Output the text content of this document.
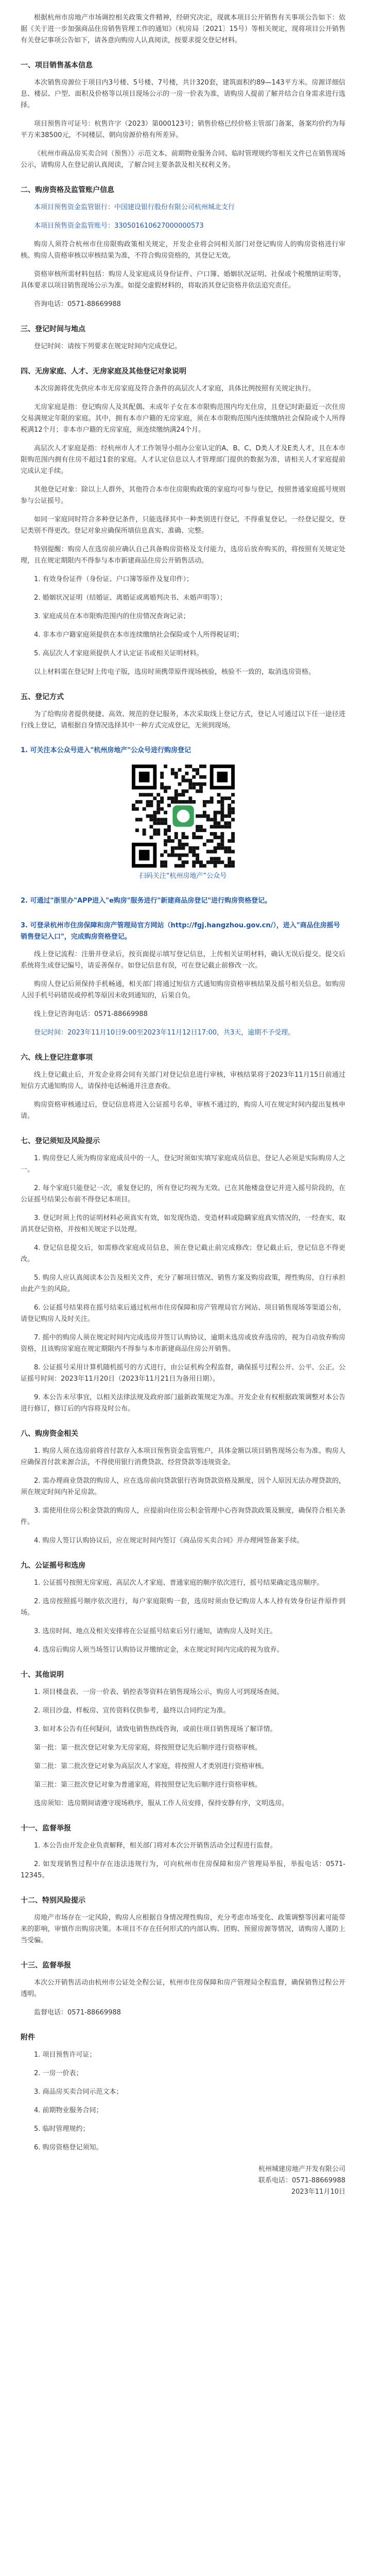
根据杭州市房地产市场调控相关政策文件精神，经研究决定，现就本项目公开销售有关事项公告如下：依据《关于进一步加强商品住房销售管理工作的通知》（杭房局〔2021〕15号）等相关规定，现将项目公开销售有关登记事项公告如下，请各意向购房人认真阅读，按要求提交登记材料。

一、项目销售基本信息

本次销售房源位于项目内3号楼、5号楼、7号楼，共计320套，建筑面积约89—143平方米。房源详细信息、楼层、户型、面积及价格等以项目现场公示的一房一价表为准，请购房人提前了解并结合自身需求进行选择。

项目预售许可证号：杭售许字（2023）第000123号；销售价格已经价格主管部门备案，备案均价约为每平方米38500元，不同楼层、朝向房源价格有所差异。

《杭州市商品房买卖合同（预售）》示范文本、前期物业服务合同、临时管理规约等相关文件已在销售现场公示，请购房人在登记前认真阅读，了解合同主要条款及相关权利义务。

二、购房资格及监管账户信息

本项目预售资金监管银行：中国建设银行股份有限公司杭州城北支行

本项目预售资金监管账号：330501610627000000573

购房人须符合杭州市住房限购政策相关规定，开发企业将会同相关部门对登记购房人的购房资格进行审核。购房人资格审核以审核结果为准，不符合购房资格的，其登记无效。

资格审核所需材料包括：购房人及家庭成员身份证件、户口簿、婚姻状况证明、社保或个税缴纳证明等，具体要求以项目销售现场公示为准。如提交虚假材料的，将取消其登记资格并依法追究责任。

咨询电话：0571-88669988

三、登记时间与地点

登记时间：请按下列要求在规定时间内完成登记。

四、无房家庭、人才、无房家庭及其他登记对象说明

本次房源将优先供应本市无房家庭及符合条件的高层次人才家庭，具体比例按照有关规定执行。

无房家庭是指：登记购房人及其配偶、未成年子女在本市限购范围内均无住房，且登记时距最近一次住房交易满规定年限的家庭。其中，拥有本市户籍的无房家庭，须在本市限购范围内连续缴纳社会保险或个人所得税满12个月；非本市户籍的无房家庭，须连续缴纳满24个月。

高层次人才家庭是指：经杭州市人才工作领导小组办公室认定的A、B、C、D类人才及E类人才，且在本市限购范围内拥有住房不超过1套的家庭。人才认定信息以人才管理部门提供的数据为准，请相关人才家庭提前完成认定手续。

其他登记对象：除以上人群外，其他符合本市住房限购政策的家庭均可参与登记，按照普通家庭摇号规则参与公证摇号。

如同一家庭同时符合多种登记条件，只能选择其中一种类别进行登记，不得重复登记。一经登记提交，登记类别不得更改。登记对象应确保所填信息真实、准确、完整。

特别提醒：购房人在选房前应确认自己具备购房资格及支付能力，选房后放弃购买的，将按照有关规定处理，且在规定期限内不得参与本市新建商品住房公开销售活动。

1. 有效身份证件（身份证、户口簿等原件及复印件）；

2. 婚姻状况证明（结婚证、离婚证或离婚判决书、未婚声明等）；

3. 家庭成员在本市限购范围内的住房情况查询记录；

4. 非本市户籍家庭须提供在本市连续缴纳社会保险或个人所得税证明；

5. 高层次人才家庭须提供人才认定证书或相关证明材料。

以上材料需在登记时上传电子版，选房时须携带原件现场核验，核验不一致的，取消选房资格。

五、登记方式

为了给购房者提供便捷、高效、规范的登记服务，本次采取线上登记方式，登记人可通过以下任一途径进行线上登记，请根据自身情况选择其中一种方式完成登记，无须到现场。

1. 可关注本公众号进入"杭州房地产"公众号进行购房登记
扫码关注“杭州房地产”公众号
2. 可通过"浙里办"APP进入"e购房"服务进行"新建商品房登记"进行购房资格登记。
3. 可登录杭州市住房保障和房产管理局官方网站（http://fgj.hangzhou.gov.cn/），进入"商品住房摇号销售登记入口"，完成购房资格登记。

线上登记流程：注册并登录后，按页面提示填写登记信息，上传相关证明材料，确认无误后提交。提交后系统将生成登记编号，请妥善保存。如登记信息有误，可在登记截止前修改一次。

购房人登记后须保持手机畅通，相关部门将通过短信方式通知购房资格审核结果及摇号相关信息。如购房人因手机号码错误或停机等原因未收到通知的，后果自负。

线上登记咨询电话：0571-88669988

登记时间：2023年11月10日9:00至2023年11月12日17:00，共3天，逾期不予受理。

六、线上登记注意事项

线上登记截止后，开发企业将会同有关部门对登记信息进行审核，审核结果将于2023年11月15日前通过短信方式通知购房人，请保持电话畅通并注意查收。

购房资格审核通过后，登记信息将进入公证摇号名单，审核不通过的，购房人可在规定时间内提出复核申请。

七、登记须知及风险提示

1. 购房登记人须为购房家庭成员中的一人，登记时须如实填写家庭成员信息，登记人必须是实际购房人之一。

2. 每个家庭只能登记一次，重复登记的，所有登记均视为无效。已在其他楼盘登记并进入摇号阶段的，在公证摇号结果公布前不得登记本项目。

3. 登记时须上传的证明材料必须真实有效，如发现伪造、变造材料或隐瞒家庭真实情况的，一经查实，取消其登记资格，并按相关规定予以处理。

4. 登记信息提交后，如需修改家庭成员信息，须在登记截止前完成修改；登记截止后，登记信息不得更改。

5. 购房人应认真阅读本公告及相关文件，充分了解项目情况、销售方案及购房政策，理性购房，自行承担由此产生的风险。

6. 公证摇号结果将在摇号结束后通过杭州市住房保障和房产管理局官方网站、项目销售现场等渠道公布，请登记购房人及时关注。

7. 摇中的购房人须在规定时间内完成选房并签订认购协议，逾期未选房或放弃选房的，视为自动放弃购房资格，且该购房家庭在规定期限内不得参与本市新建商品住房公开销售。

8. 公证摇号采用计算机随机摇号的方式进行，由公证机构全程监督，确保摇号过程公开、公平、公正。公证摇号时间：2023年11月20日（2023年11月21日为备用日期）。

9. 本公告未尽事宜，以相关法律法规及政府部门最新政策规定为准。开发企业有权根据政策调整对本公告进行修订，修订后的内容将及时公布。

八、购房资金相关

1. 购房人须在选房前将首付款存入本项目预售资金监管账户，具体金额以项目销售现场公布为准。购房人应确保首付款来源合法，不得使用银行消费贷款、经营贷款等违规资金。

2. 需办理商业贷款的购房人，应在选房前向贷款银行咨询贷款资格及额度，因个人原因无法办理贷款的，须在规定时间内补足房款。

3. 需使用住房公积金贷款的购房人，应提前向住房公积金管理中心咨询贷款政策及额度，确保符合相关条件。

4. 购房人签订认购协议后，应在规定时间内签订《商品房买卖合同》并办理网签备案手续。

九、公证摇号和选房

1. 公证摇号按照无房家庭、高层次人才家庭、普通家庭的顺序依次进行，摇号结果确定选房顺序。

2. 选房按照摇号顺序依次进行，每户家庭限购一套，选房时须由登记购房人本人持有效身份证件原件到场。

3. 选房时间、地点及相关安排将在公证摇号结束后另行通知，请购房人及时关注。

4. 选房后购房人须当场签订认购协议并缴纳定金，未在规定时间内完成的视为放弃。

十、其他说明

1. 项目楼盘表、一房一价表、销控表等资料在销售现场公示，购房人可到现场查阅。

2. 项目沙盘、样板房、宣传资料仅供参考，最终以合同约定为准。

3. 如对本公告有任何疑问，请致电销售热线咨询，或前往项目销售现场了解详情。

第一批：第一批次登记对象为无房家庭，将按照登记先后顺序进行资格审核。

第二批：第二批次登记对象为高层次人才家庭，将按照人才类别进行资格审核。

第三批：第三批次登记对象为普通家庭，将按照登记先后顺序进行资格审核。

选房须知：选房期间请遵守现场秩序，服从工作人员安排，保持安静有序，文明选房。

十一、监督举报

1. 本公告由开发企业负责解释，相关部门将对本次公开销售活动全过程进行监督。

2. 如发现销售过程中存在违法违规行为，可向杭州市住房保障和房产管理局举报，举报电话：0571-12345。

十二、特别风险提示

房地产市场存在一定风险，购房人应根据自身情况理性购房，充分考虑市场变化、政策调整等因素可能带来的影响，审慎作出购房决策。本项目不存在任何形式的内部认购、团购、预留房源等情况，请购房人谨防上当受骗。

十三、监督举报

本次公开销售活动由杭州市公证处全程公证，杭州市住房保障和房产管理局全程监督，确保销售过程公开透明。

监督电话：0571-88669988

附件

1. 项目预售许可证；

2. 一房一价表；

3. 商品房买卖合同示范文本；

4. 前期物业服务合同；

5. 临时管理规约；

6. 购房资格登记须知。

杭州城建房地产开发有限公司
联系电话：0571-88669988
2023年11月10日
